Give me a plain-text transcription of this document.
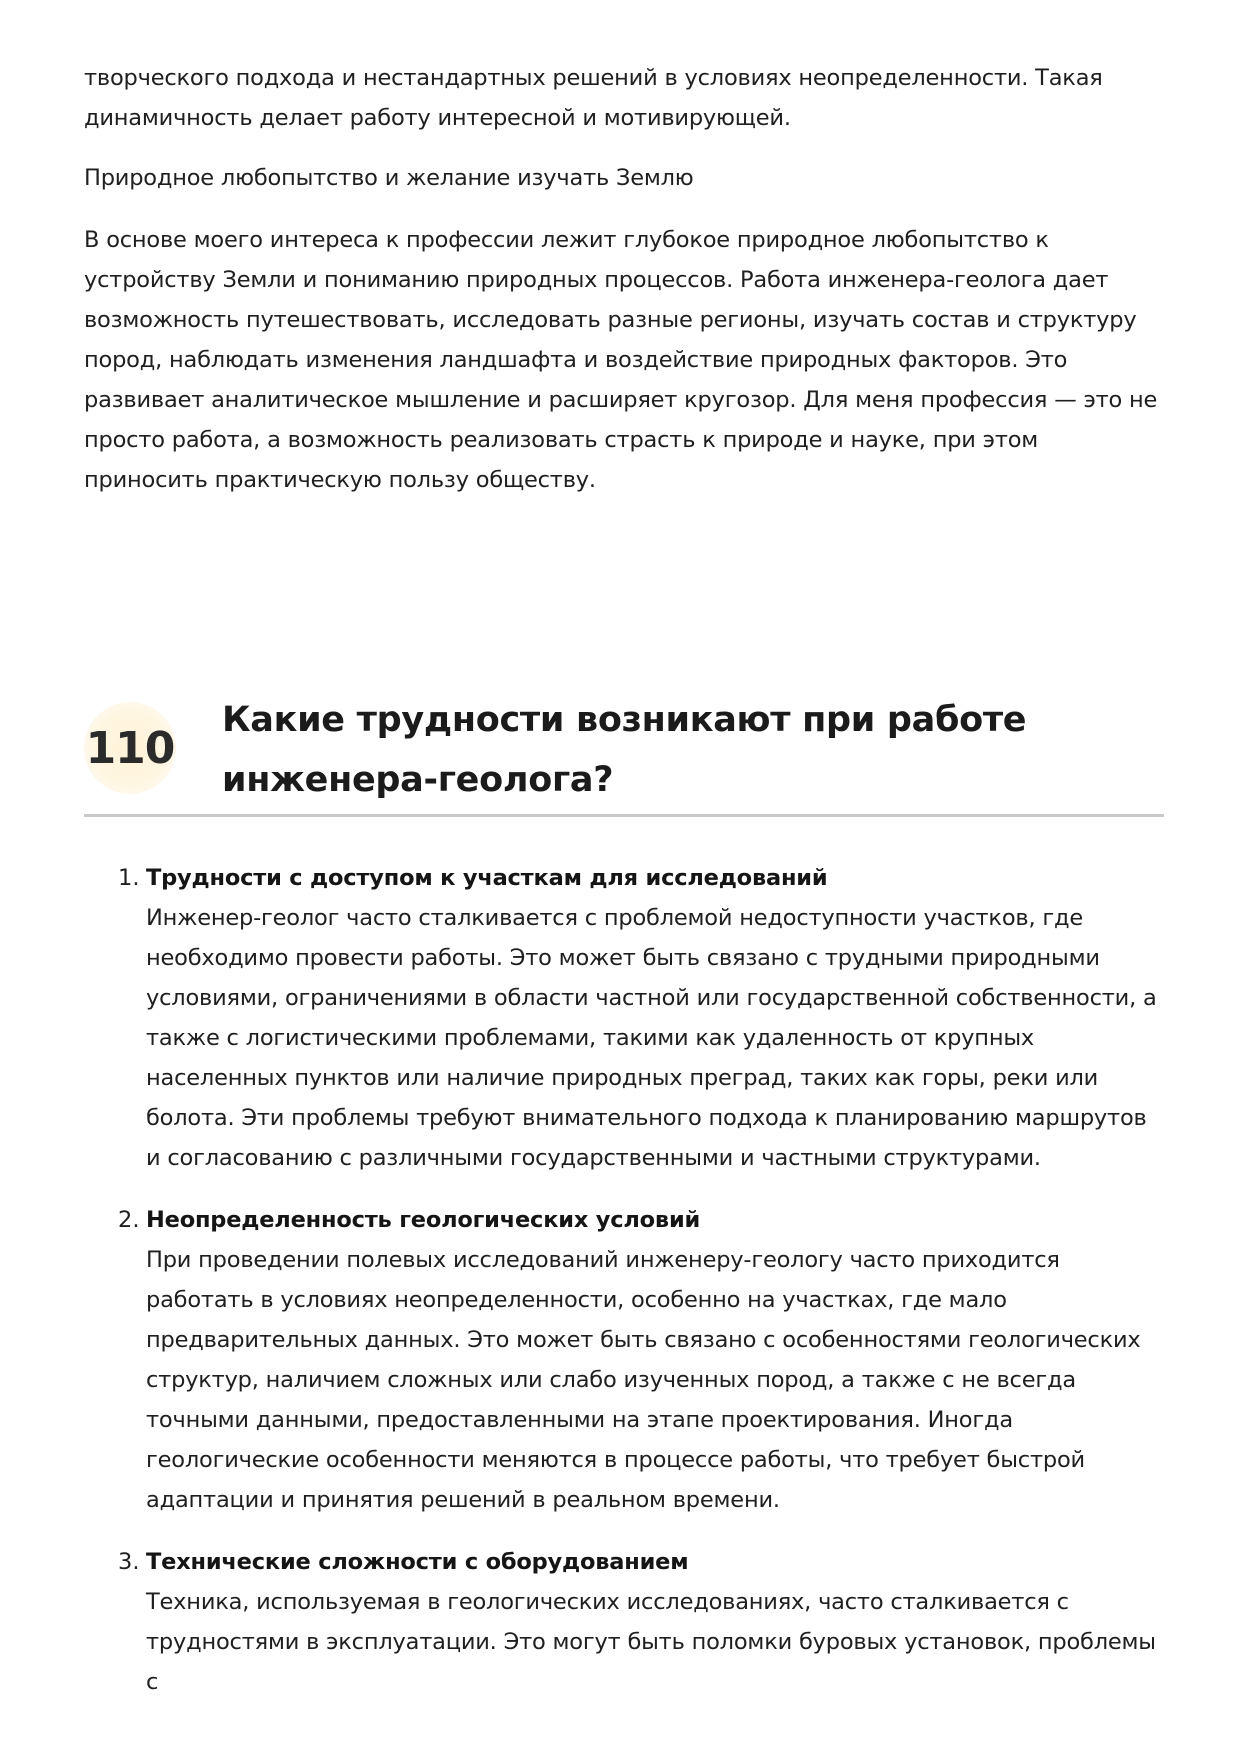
творческого подхода и нестандартных решений в условиях неопределенности. Такая динамичность делает работу интересной и мотивирующей.

Природное любопытство и желание изучать Землю

В основе моего интереса к профессии лежит глубокое природное любопытство к устройству Земли и пониманию природных процессов. Работа инженера-геолога дает возможность путешествовать, исследовать разные регионы, изучать состав и структуру пород, наблюдать изменения ландшафта и воздействие природных факторов. Это развивает аналитическое мышление и расширяет кругозор. Для меня профессия — это не просто работа, а возможность реализовать страсть к природе и науке, при этом приносить практическую пользу обществу.

110
Какие трудности возникают при работе инженера-геолога?
1. Трудности с доступом к участкам для исследований
Инженер-геолог часто сталкивается с проблемой недоступности участков, где необходимо провести работы. Это может быть связано с трудными природными условиями, ограничениями в области частной или государственной собственности, а также с логистическими проблемами, такими как удаленность от крупных населенных пунктов или наличие природных преград, таких как горы, реки или болота. Эти проблемы требуют внимательного подхода к планированию маршрутов и согласованию с различными государственными и частными структурами.
2. Неопределенность геологических условий
При проведении полевых исследований инженеру-геологу часто приходится работать в условиях неопределенности, особенно на участках, где мало предварительных данных. Это может быть связано с особенностями геологических структур, наличием сложных или слабо изученных пород, а также с не всегда точными данными, предоставленными на этапе проектирования. Иногда геологические особенности меняются в процессе работы, что требует быстрой адаптации и принятия решений в реальном времени.
3. Технические сложности с оборудованием
Техника, используемая в геологических исследованиях, часто сталкивается с трудностями в эксплуатации. Это могут быть поломки буровых установок, проблемы с
